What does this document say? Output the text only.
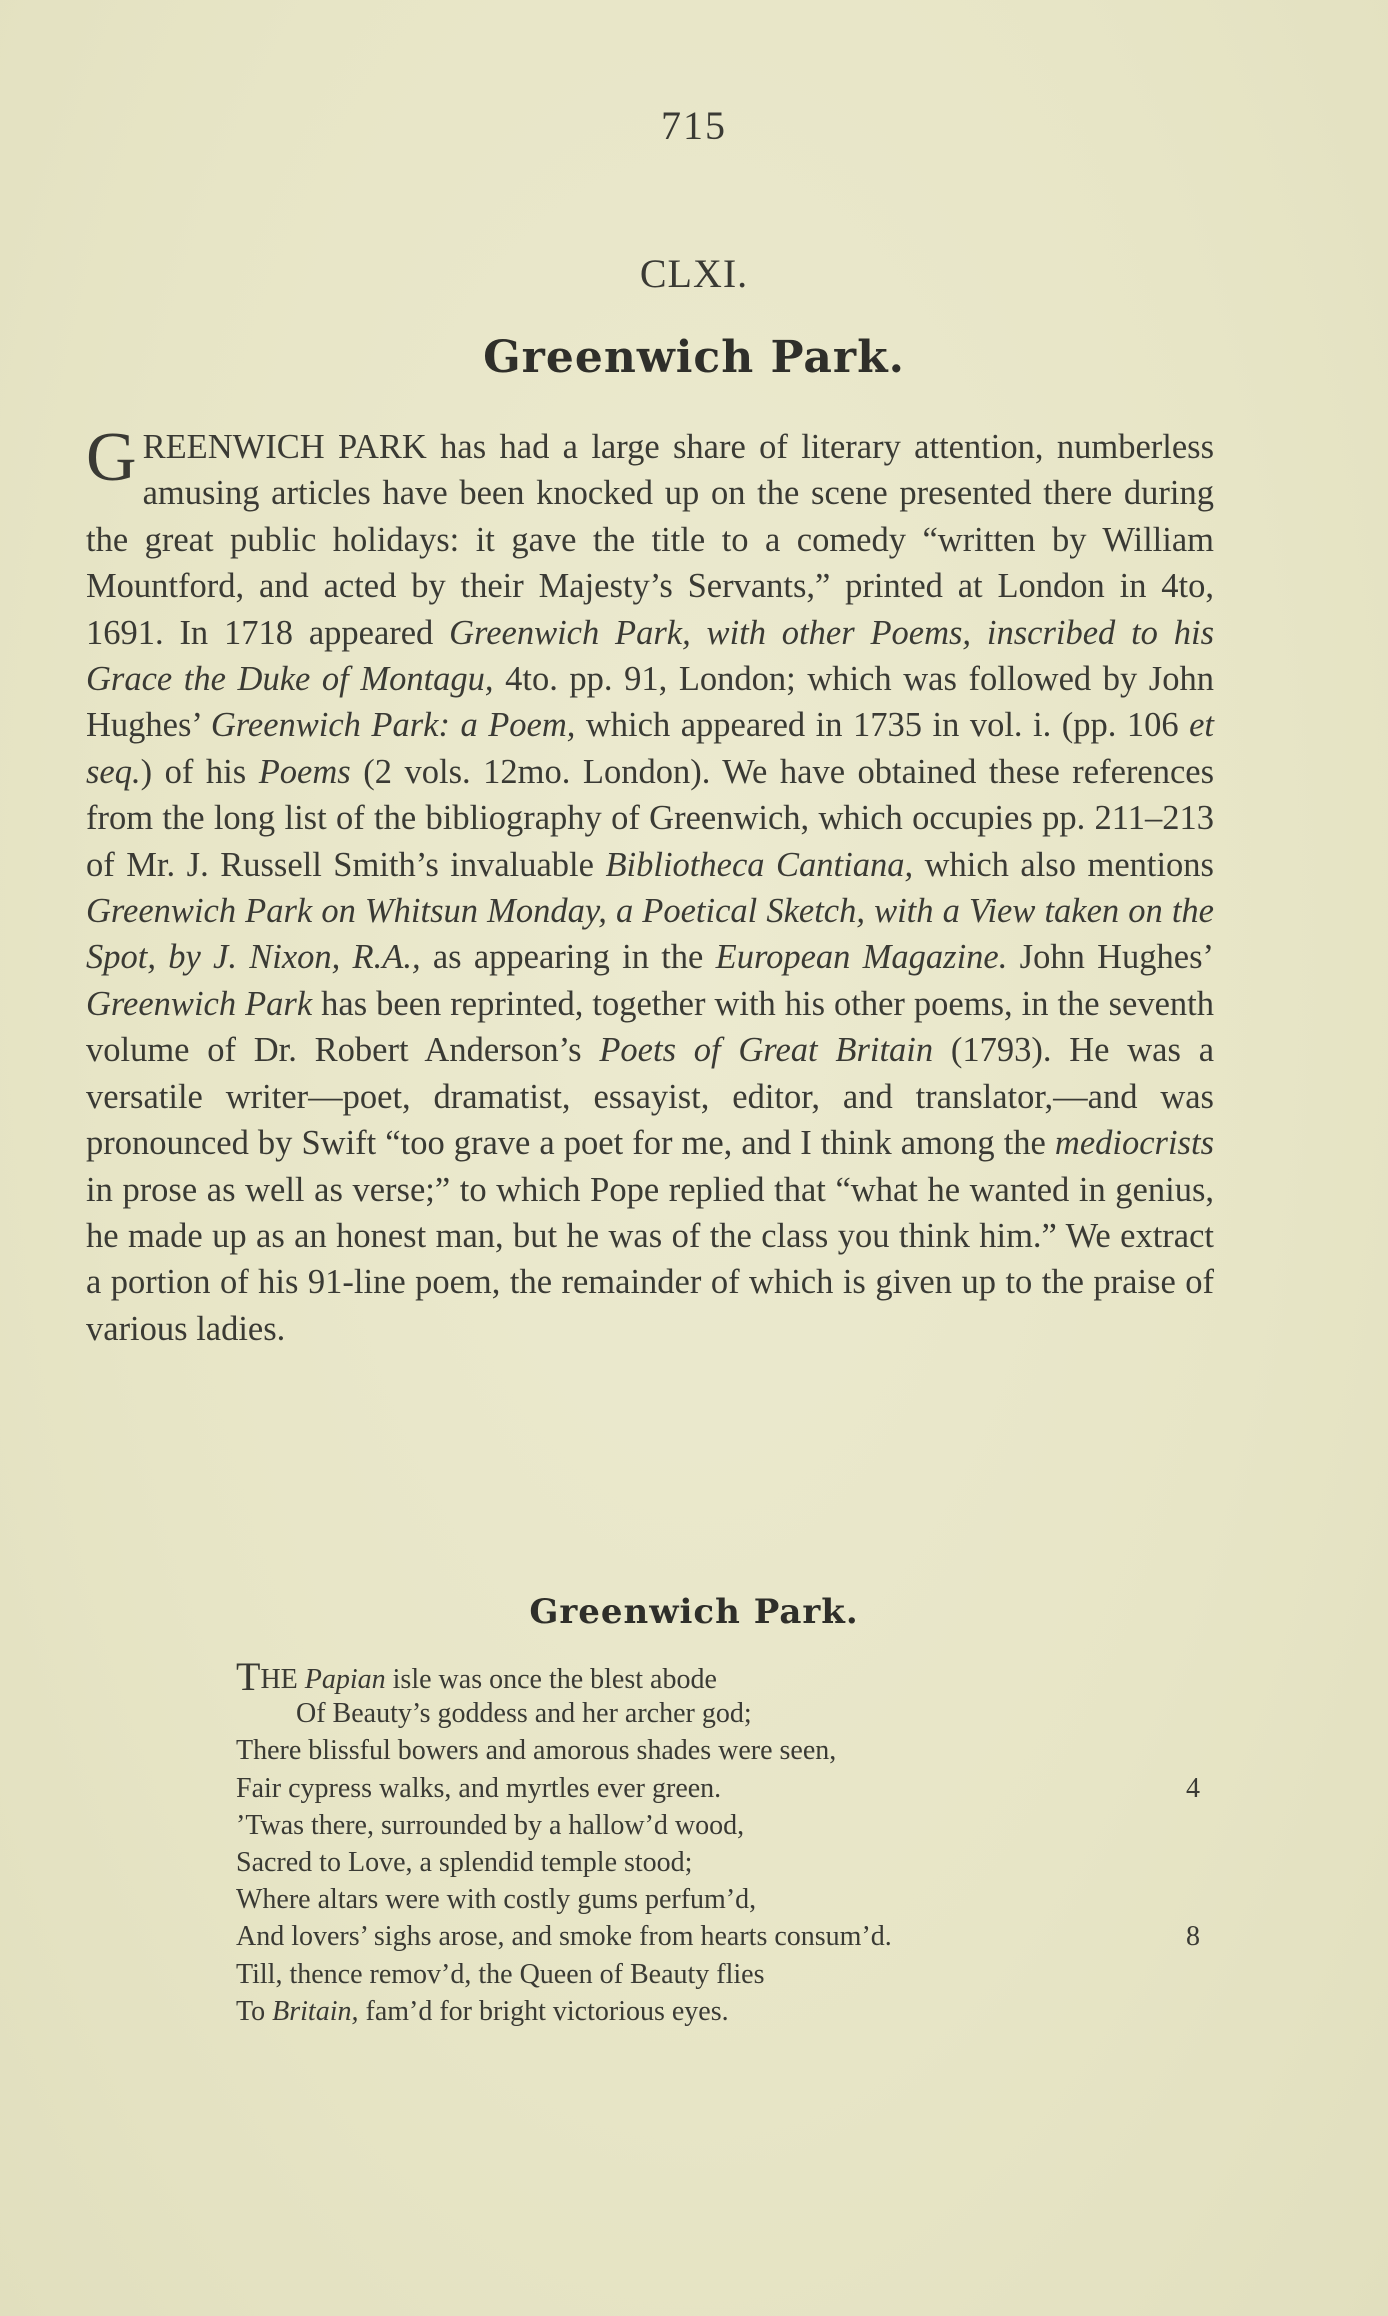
715
CLXI.
Greenwich Park.
G REENWICH PARK has had a large share of literary attention, numberless amusing articles have been knocked up on the scene presented there during the great public holidays: it gave the title to a comedy “written by William Mountford, and acted by their Majesty’s Servants,” printed at London in 4to, 1691. In 1718 appeared Greenwich Park, with other Poems, inscribed to his Grace the Duke of Montagu, 4to. pp. 91, London; which was followed by John Hughes’ Greenwich Park: a Poem, which appeared in 1735 in vol. i. (pp. 106 et seq.) of his Poems (2 vols. 12mo. London). We have obtained these references from the long list of the bibliography of Greenwich, which occupies pp. 211–213 of Mr. J. Russell Smith’s invaluable Bibliotheca Cantiana, which also mentions Greenwich Park on Whitsun Monday, a Poetical Sketch, with a View taken on the Spot, by J. Nixon, R.A., as appearing in the European Magazine. John Hughes’ Greenwich Park has been reprinted, together with his other poems, in the seventh volume of Dr. Robert Anderson’s Poets of Great Britain (1793). He was a versatile writer—poet, dramatist, essayist, editor, and translator,—and was pronounced by Swift “too grave a poet for me, and I think among the mediocrists in prose as well as verse;” to which Pope replied that “what he wanted in genius, he made up as an honest man, but he was of the class you think him.” We extract a portion of his 91-line poem, the remainder of which is given up to the praise of various ladies.
Greenwich Park.
THE Papian isle was once the blest abode
Of Beauty’s goddess and her archer god;
There blissful bowers and amorous shades were seen,
Fair cypress walks, and myrtles ever green.	4
’Twas there, surrounded by a hallow’d wood,
Sacred to Love, a splendid temple stood;
Where altars were with costly gums perfum’d,
And lovers’ sighs arose, and smoke from hearts consum’d.	8
Till, thence remov’d, the Queen of Beauty flies
To Britain, fam’d for bright victorious eyes.
